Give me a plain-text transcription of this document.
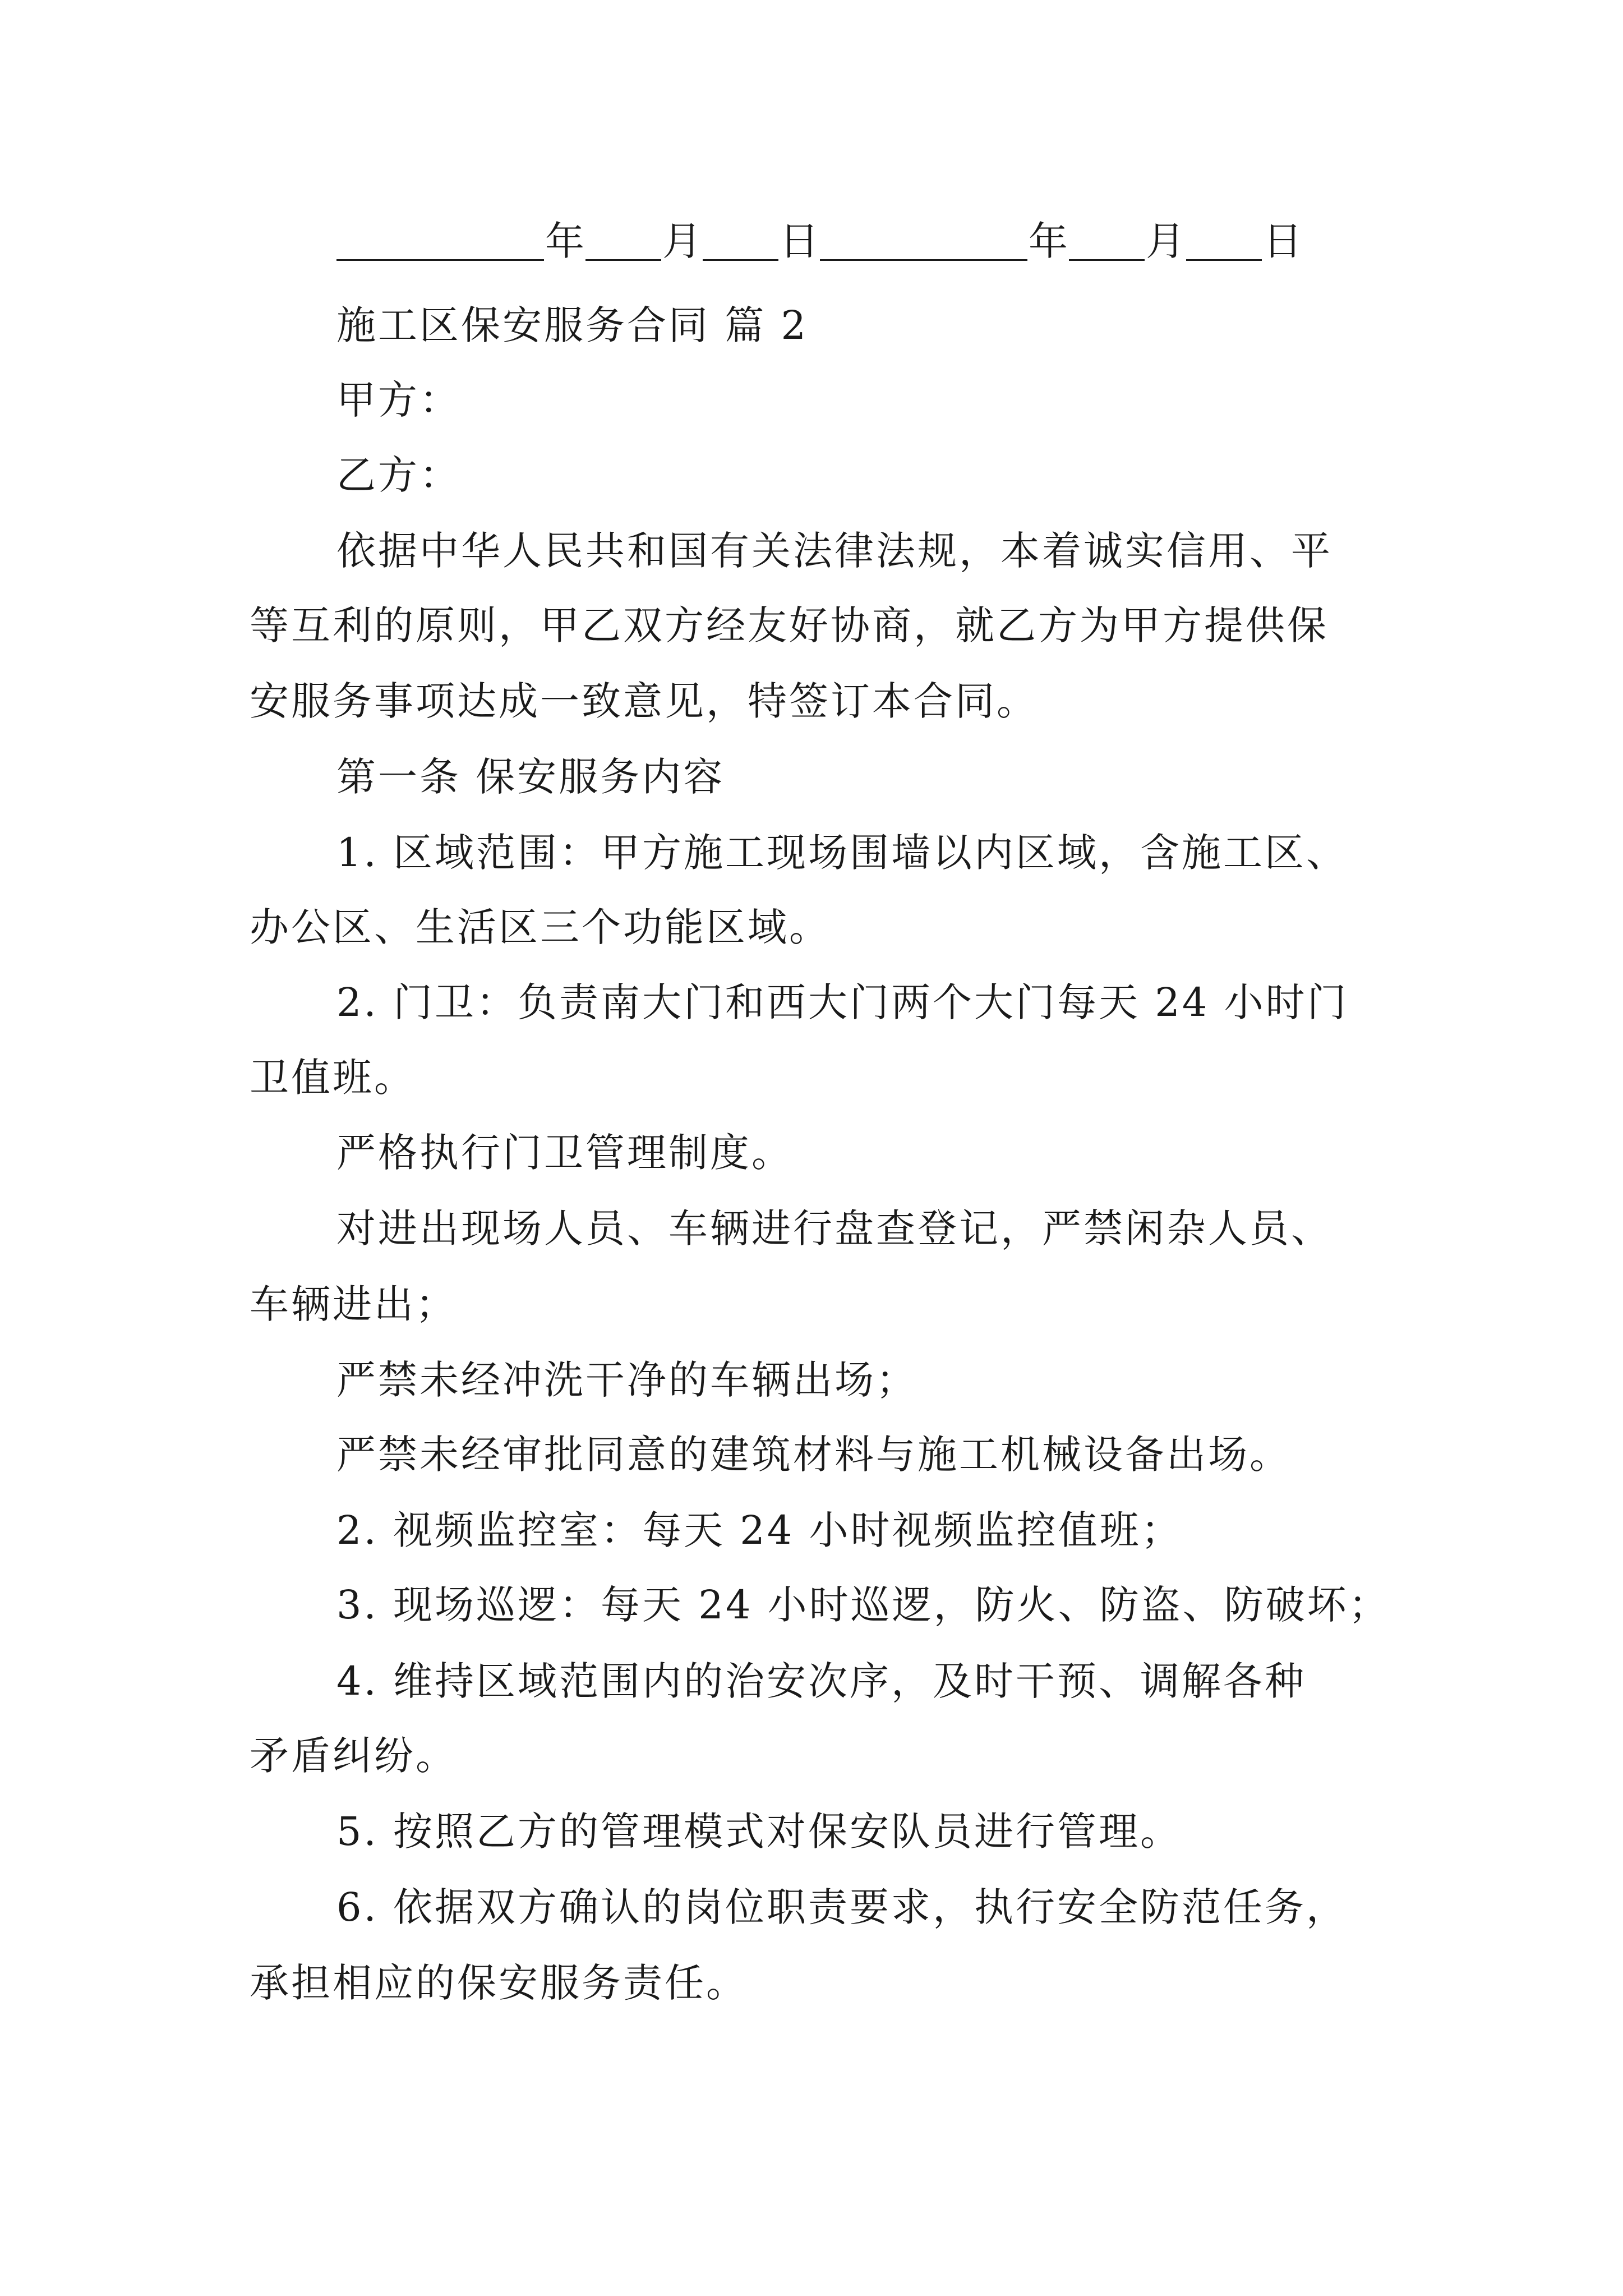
年 月 日	年 月 日
施工区保安服务合同 篇 2
甲方：
乙方：
依据中华人民共和国有关法律法规，本着诚实信用、平
等互利的原则，甲乙双方经友好协商，就乙方为甲方提供保
安服务事项达成一致意见，特签订本合同。
第一条 保安服务内容
1. 区域范围：甲方施工现场围墙以内区域，含施工区、
办公区、生活区三个功能区域。
2. 门卫：负责南大门和西大门两个大门每天 24 小时门
卫值班。
严格执行门卫管理制度。
对进出现场人员、车辆进行盘查登记，严禁闲杂人员、
车辆进出；
严禁未经冲洗干净的车辆出场；
严禁未经审批同意的建筑材料与施工机械设备出场。
2. 视频监控室：每天 24 小时视频监控值班；
3. 现场巡逻：每天 24 小时巡逻，防火、防盗、防破坏；
4. 维持区域范围内的治安次序，及时干预、调解各种
矛盾纠纷。
5. 按照乙方的管理模式对保安队员进行管理。
6. 依据双方确认的岗位职责要求，执行安全防范任务，
承担相应的保安服务责任。
